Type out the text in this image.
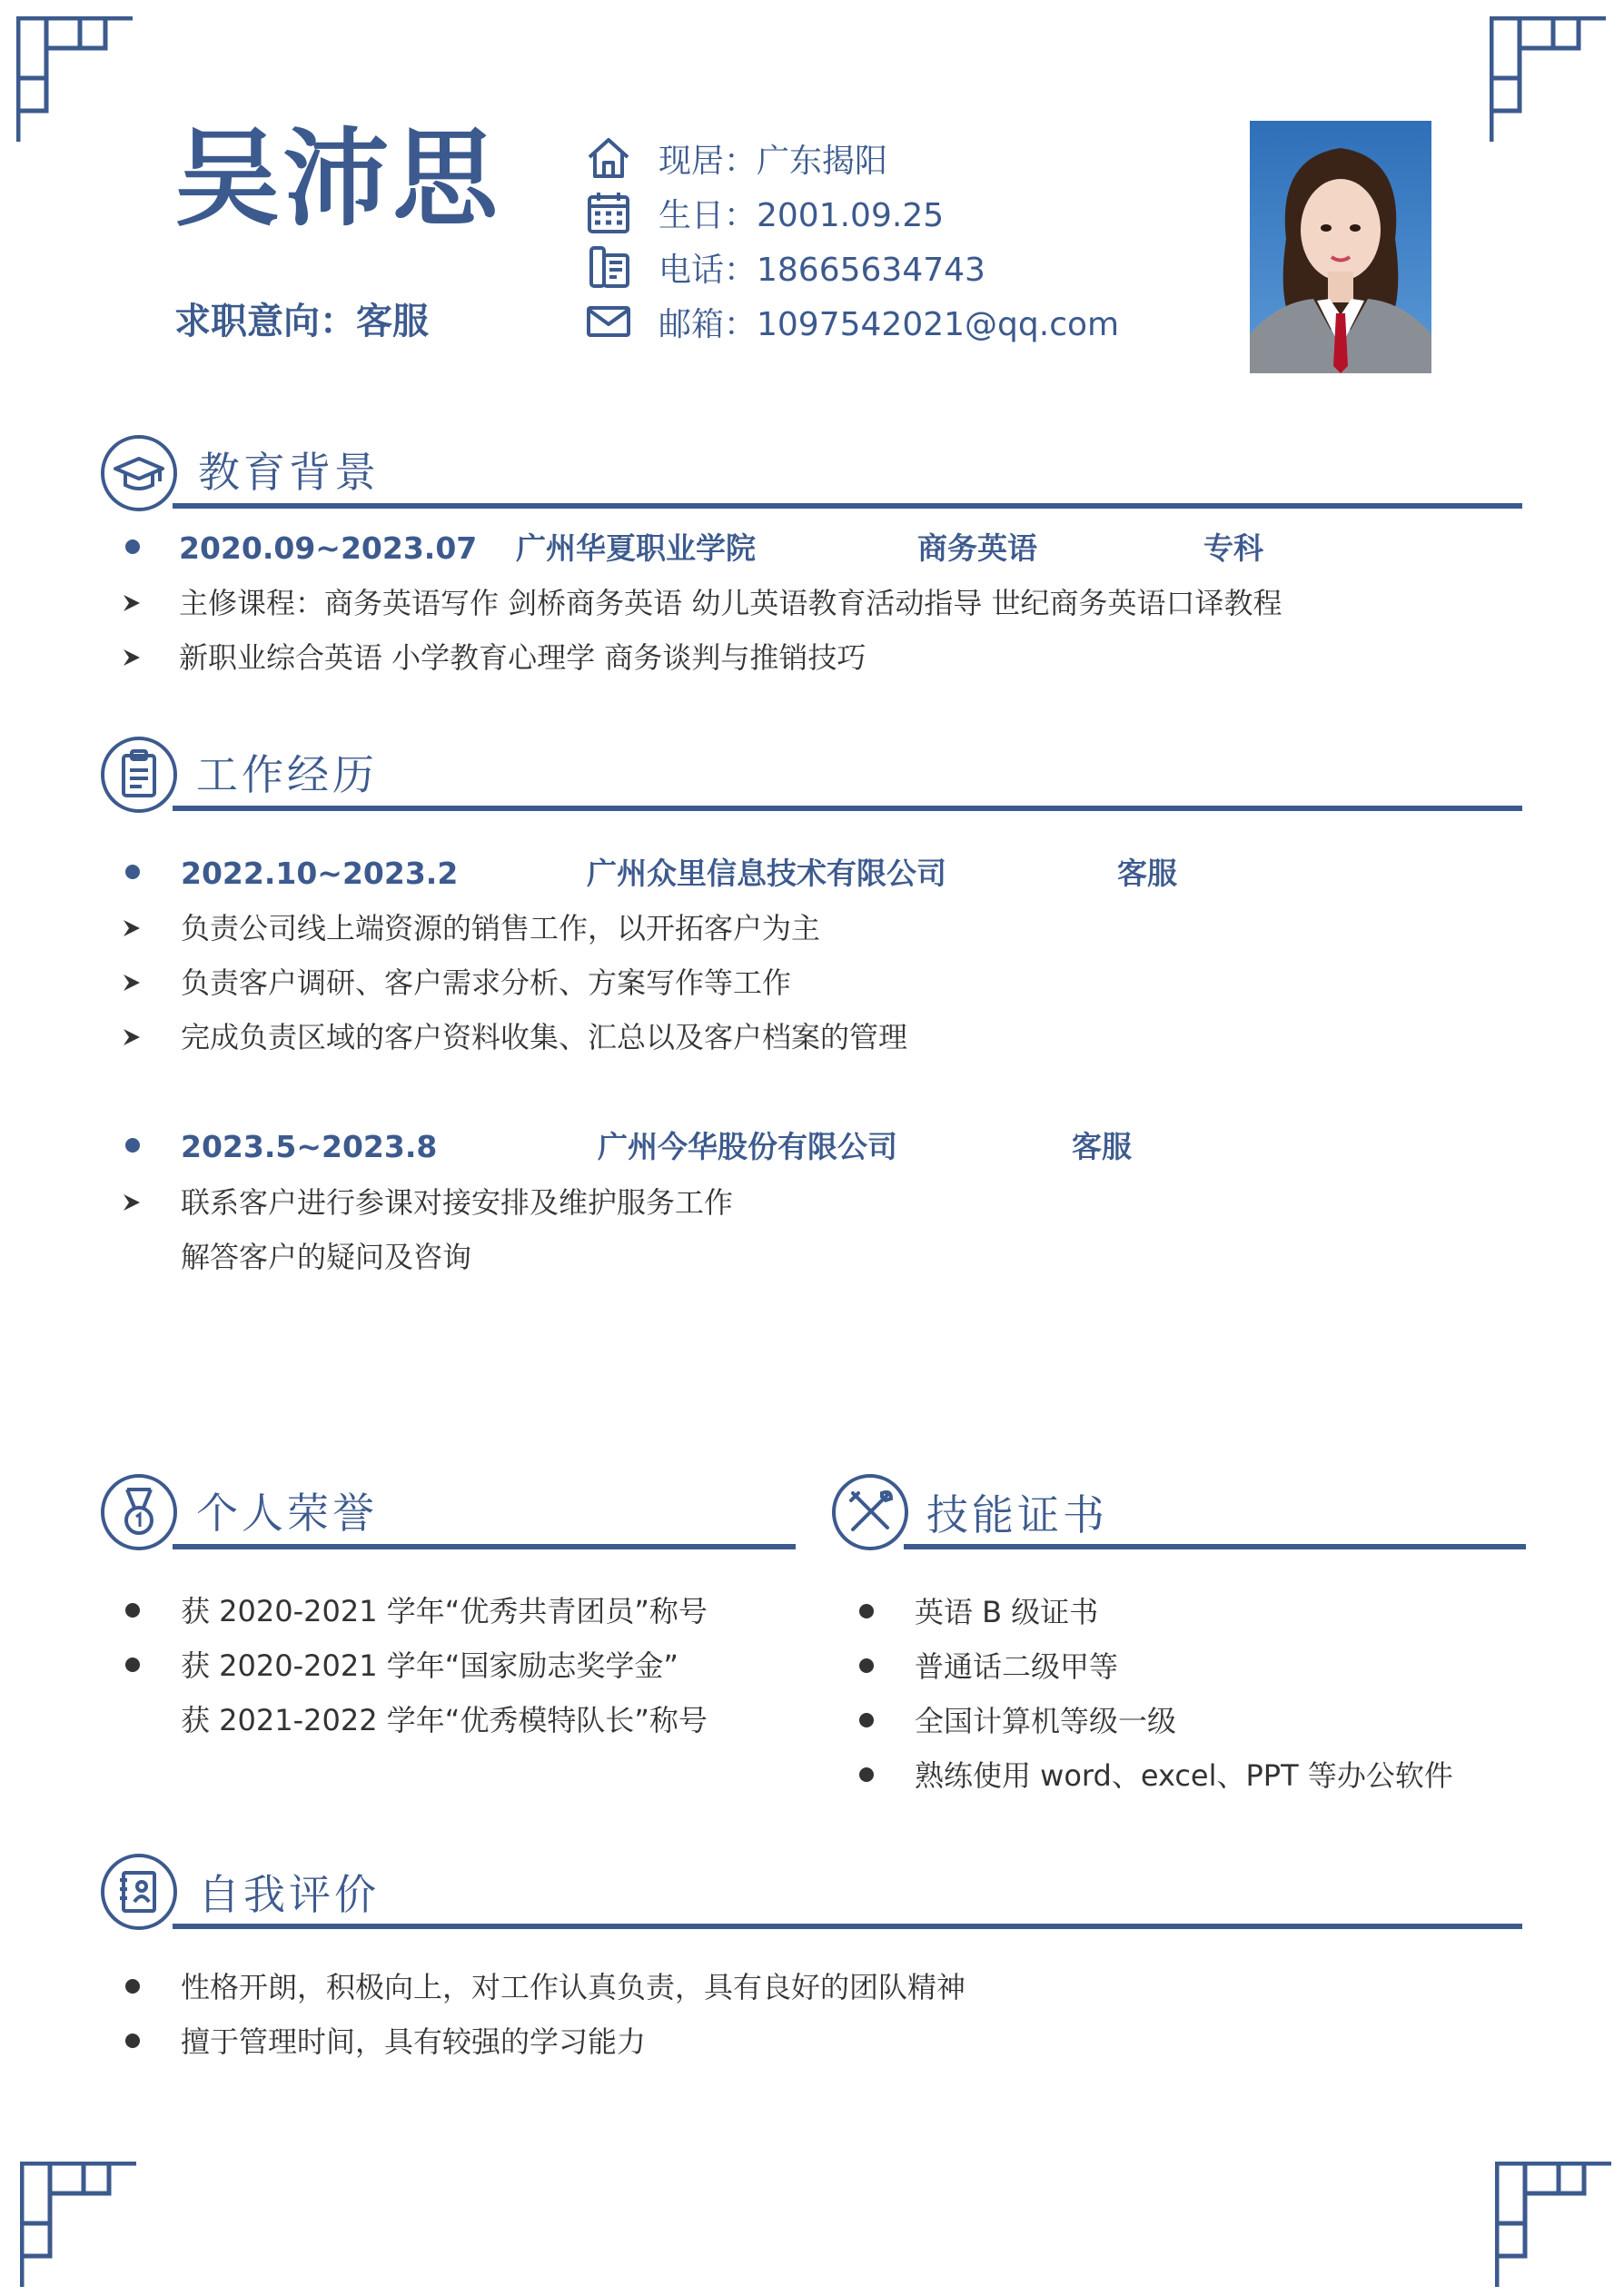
吴沛思
求职意向：客服
现居：广东揭阳
生日：2001.09.25
电话：18665634743
邮箱：1097542021@qq.com
教育背景
2020.09~2023.07 广州华夏职业学院	商务英语	专科
主修课程：商务英语写作 剑桥商务英语 幼儿英语教育活动指导 世纪商务英语口译教程
新职业综合英语 小学教育心理学 商务谈判与推销技巧
工作经历
2022.10~2023.2	广州众里信息技术有限公司	客服
负责公司线上端资源的销售工作，以开拓客户为主
负责客户调研、客户需求分析、方案写作等工作
完成负责区域的客户资料收集、汇总以及客户档案的管理
2023.5~2023.8	广州今华股份有限公司	客服
联系客户进行参课对接安排及维护服务工作
解答客户的疑问及咨询
个人荣誉
获 2020-2021 学年“优秀共青团员”称号
获 2020-2021 学年“国家励志奖学金”
获 2021-2022 学年“优秀模特队长”称号
技能证书
英语 B 级证书
普通话二级甲等
全国计算机等级一级
熟练使用 word、excel、PPT 等办公软件
自我评价
性格开朗，积极向上，对工作认真负责，具有良好的团队精神
擅于管理时间，具有较强的学习能力
